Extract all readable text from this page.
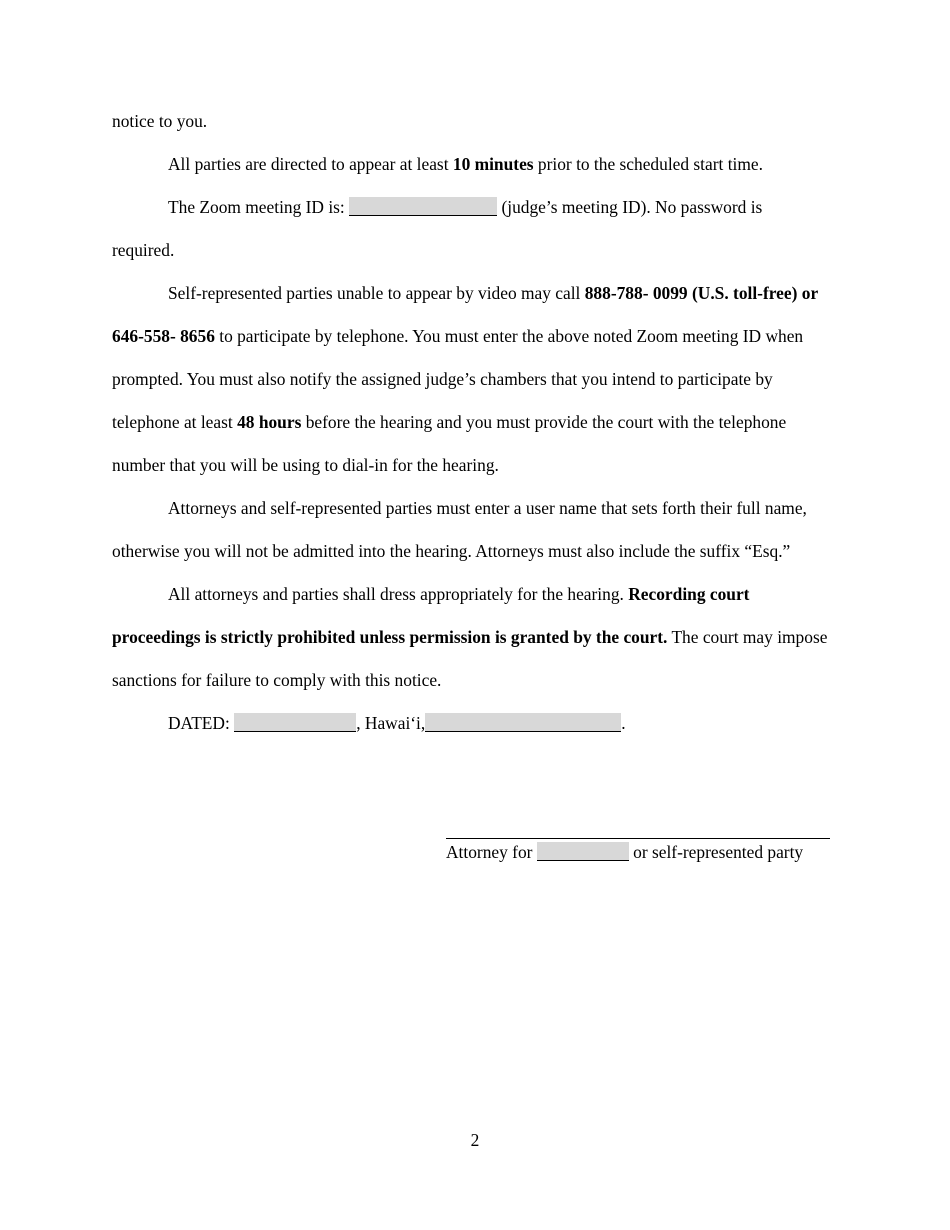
notice to you.

All parties are directed to appear at least 10 minutes prior to the scheduled start time.

The Zoom meeting ID is:	(judge’s meeting ID). No password is
required.

Self-represented parties unable to appear by video may call 888-788- 0099 (U.S. toll-free) or 646-558- 8656 to participate by telephone. You must enter the above noted Zoom meeting ID when prompted. You must also notify the assigned judge’s chambers that you intend to participate by telephone at least 48 hours before the hearing and you must provide the court with the telephone number that you will be using to dial-in for the hearing.

Attorneys and self-represented parties must enter a user name that sets forth their full name, otherwise you will not be admitted into the hearing. Attorneys must also include the suffix “Esq.”

All attorneys and parties shall dress appropriately for the hearing. Recording court proceedings is strictly prohibited unless permission is granted by the court. The court may impose sanctions for failure to comply with this notice.

DATED:	, Hawai‘i,	.

Attorney for	or self-represented party
2
